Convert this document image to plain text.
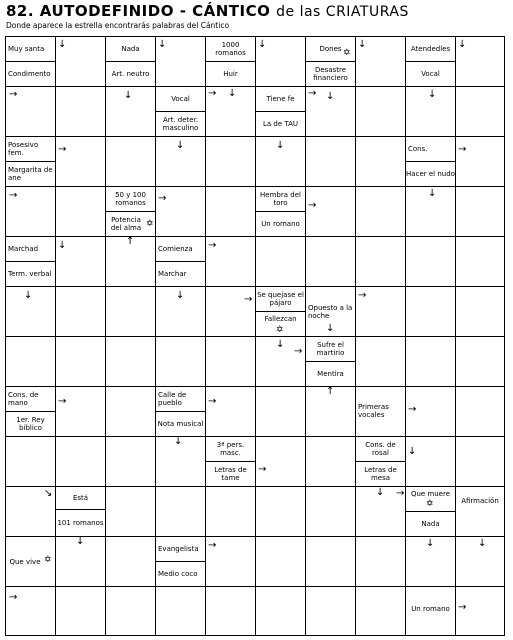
82. AUTODEFINIDO - CÁNTICO de las CRIATURAS
Donde aparece la estrella encontrarás palabras del Cántico
Muy santa
Condimento
↓	Nada
Art. neutro
↓	1000 romanos
Huir
↓	Dones ✡
Desastre financiero
↓	Atendedles
Vocal
↓
→	↓	Vocal
Art. deter. masculino
→ ↓	Tiene fe
La de TAU
→ ↓	↓
Posesivo fem.
Margarita de ane
→	↓	↓	Cons.
Hacer el nudo
→
→	50 y 100 romanos
Potencia del alma ✡
→
↑
Hembra del toro
Un romano
→
↓
Marchad
Term. verbal
↓	Comienza
Marchar
→
↓	↓	→ Se quejase el pájaro
Fallezcan
✡
Opuesto a la noche
→
↓
↓
→
Sufre el martirio
Mentira
↑
Cons. de mano
1er. Rey bíblico
→
Calle de pueblo
Nota musical
→
↓
Primeras vocales	→
3ª pers. masc.
Letras de tame
→
Cons. de rosal
Letras de mesa
↓
↓
↘	Está
101 romanos
→ Que muere
✡
Nada
Afirmación
↓
Que vive ✡
Evangelista
Medio coco
→	↓	↓
→
Un romano →
